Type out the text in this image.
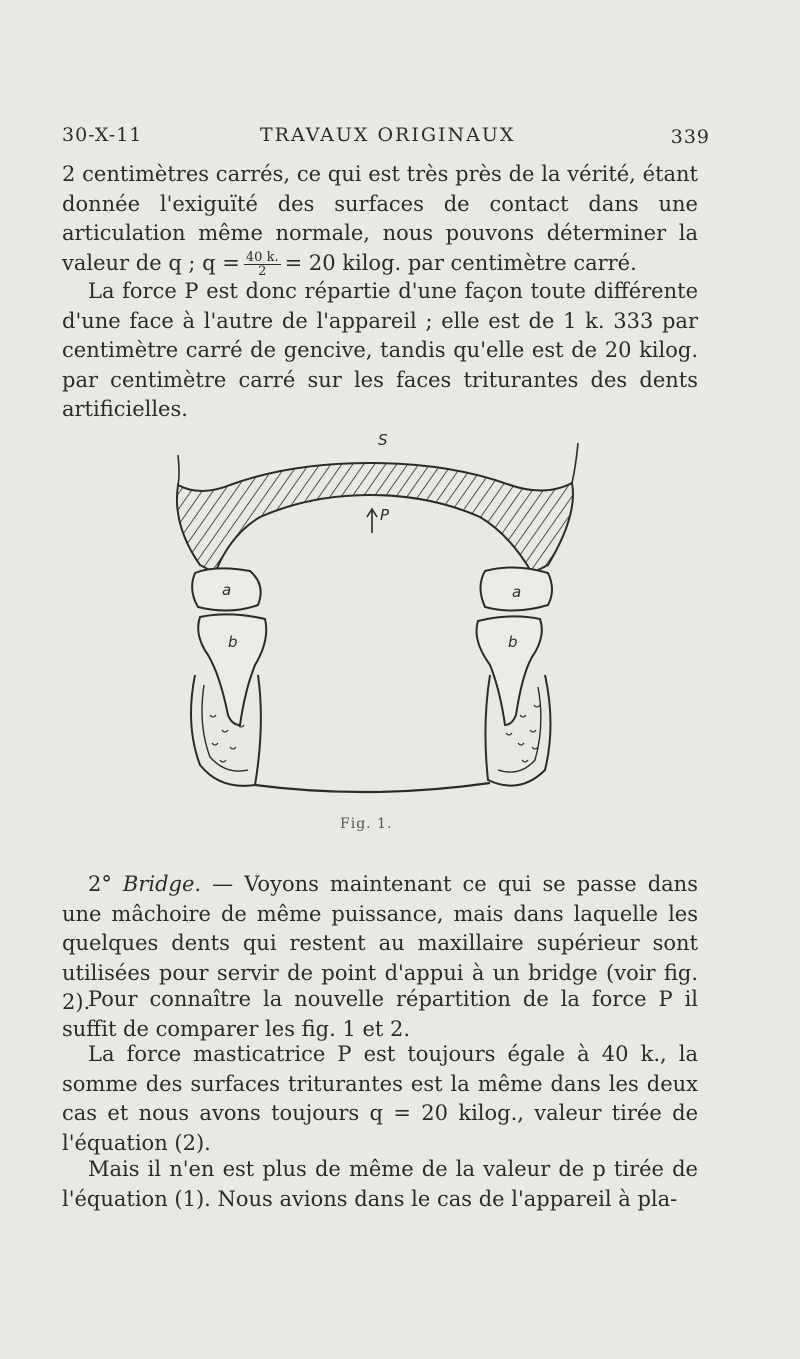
30-X-11	TRAVAUX ORIGINAUX	339

2 centimètres carrés, ce qui est très près de la vérité, étant donnée l'exiguïté des surfaces de contact dans une articulation même normale, nous pouvons déterminer la valeur de q ; $q = \frac{40 k.}{2} = 20$ kilog. par centimètre carré.

La force P est donc répartie d'une façon toute différente d'une face à l'autre de l'appareil ; elle est de 1 k. 333 par centimètre carré de gencive, tandis qu'elle est de 20 kilog. par centimètre carré sur les faces triturantes des dents artificielles.

S
P
a	a
b	b
Fig. 1.

2° Bridge. — Voyons maintenant ce qui se passe dans une mâchoire de même puissance, mais dans laquelle les quelques dents qui restent au maxillaire supérieur sont utilisées pour servir de point d'appui à un bridge (voir fig. 2).

Pour connaître la nouvelle répartition de la force P il suffit de comparer les fig. 1 et 2.

La force masticatrice P est toujours égale à 40 k., la somme des surfaces triturantes est la même dans les deux cas et nous avons toujours q = 20 kilog., valeur tirée de l'équation (2).

Mais il n'en est plus de même de la valeur de p tirée de l'équation (1). Nous avions dans le cas de l'appareil à pla-
